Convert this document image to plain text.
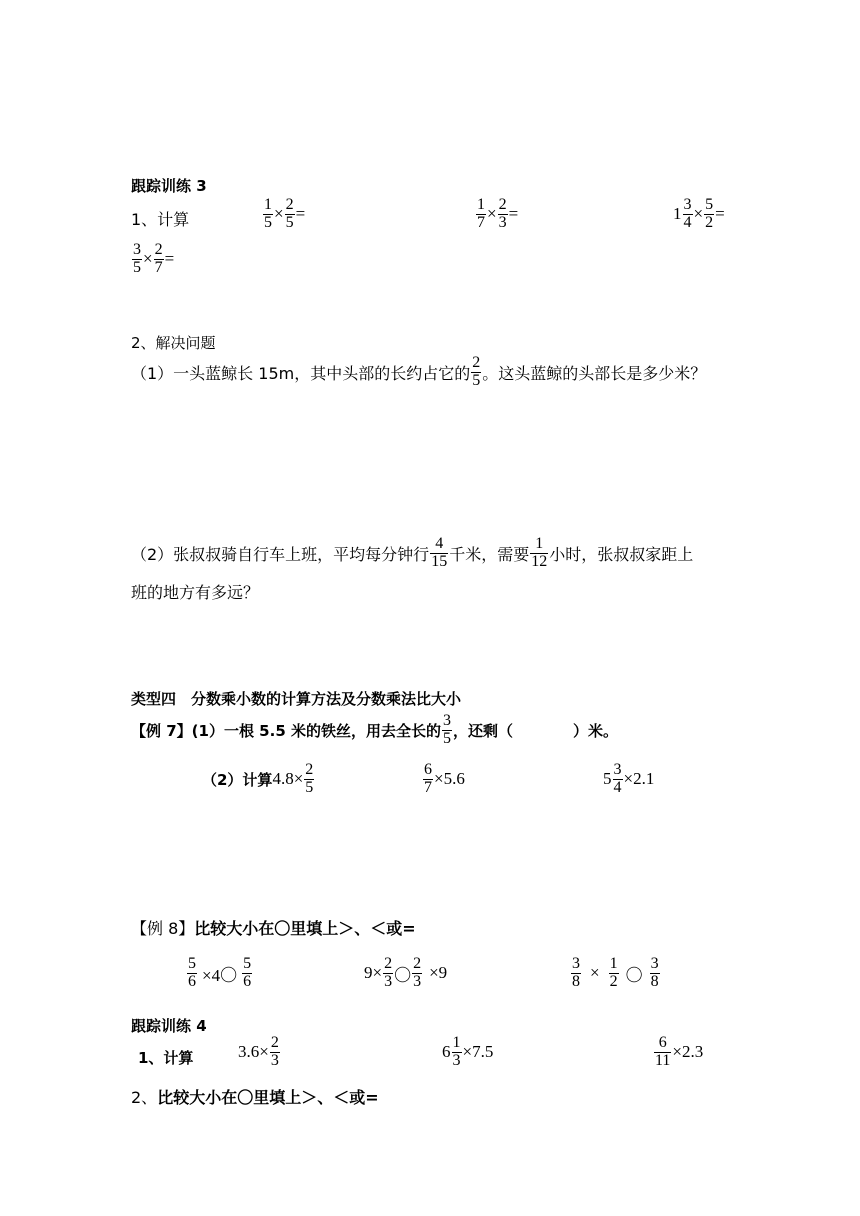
跟踪训练 3
1、计算	$\frac{1}{5} \times \frac{2}{5}$ =	$\frac{1}{7} \times \frac{2}{3}$ =	$1 \frac{3}{4} \times \frac{5}{2}$ =
$\frac{3}{5} \times \frac{2}{7}$ =
2、解决问题
（1）一头蓝鲸长 15m，其中头部的长约占它的 $\frac{2}{5}$ 。这头蓝鲸的头部长是多少米？
（2）张叔叔骑自行车上班，平均每分钟行 $\frac{4}{15}$ 千米，需要 $\frac{1}{12}$ 小时，张叔叔家距上
班的地方有多远？
类型四　分数乘小数的计算方法及分数乘法比大小
【例 7】 (1）一根 5.5 米的铁丝，用去全长的 $\frac{3}{5}$ ，还剩（　　　　）米。
（2）计算 $4.8 \times \frac{2}{5}$	$\frac{6}{7} \times 5.6$	$5 \frac{3}{4} \times 2.1$
【例 8】 比较大小在〇里填上＞、＜或=
$\frac{5}{6} \times 4$〇 $\frac{5}{6}$	$9\times \frac{2}{3}$ 〇 $\frac{2}{3} \times 9$	$\frac{3}{8} \times \frac{1}{2}$ 〇 $\frac{3}{8}$
跟踪训练 4
1、计算	$3.6 \times \frac{2}{3}$	$6 \frac{1}{3} \times 7.5$	$\frac{6}{11} \times 2.3$
2、 比较大小在〇里填上＞、＜或=
